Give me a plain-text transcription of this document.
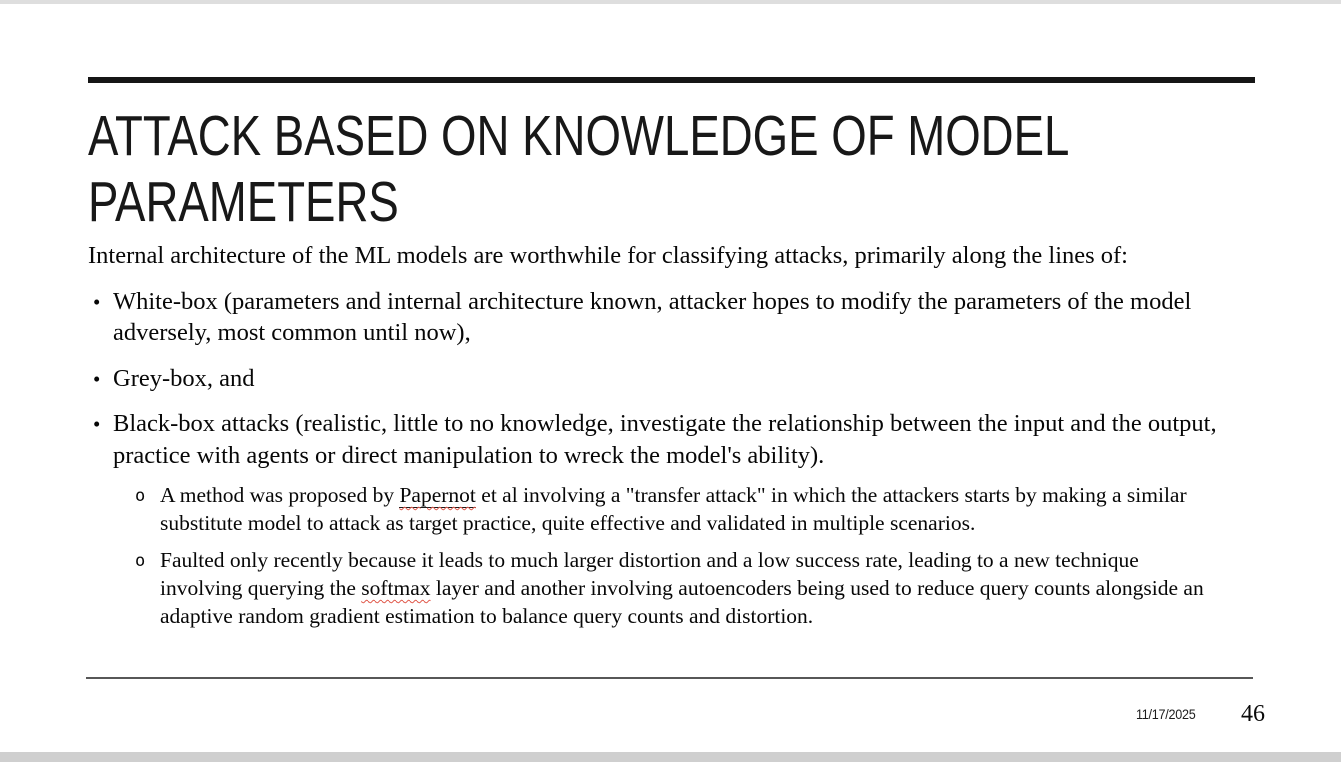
ATTACK BASED ON KNOWLEDGE OF MODEL
PARAMETERS

Internal architecture of the ML models are worthwhile for classifying attacks, primarily along the lines of:

• White-box (parameters and internal architecture known, attacker hopes to modify the parameters of the model adversely, most common until now),
• Grey-box, and
• Black-box attacks (realistic, little to no knowledge, investigate the relationship between the input and the output, practice with agents or direct manipulation to wreck the model's ability).
o A method was proposed by Papernot et al involving a "transfer attack" in which the attackers starts by making a similar substitute model to attack as target practice, quite effective and validated in multiple scenarios.
o Faulted only recently because it leads to much larger distortion and a low success rate, leading to a new technique involving querying the softmax layer and another involving autoencoders being used to reduce query counts alongside an adaptive random gradient estimation to balance query counts and distortion.
11/17/2025 46
